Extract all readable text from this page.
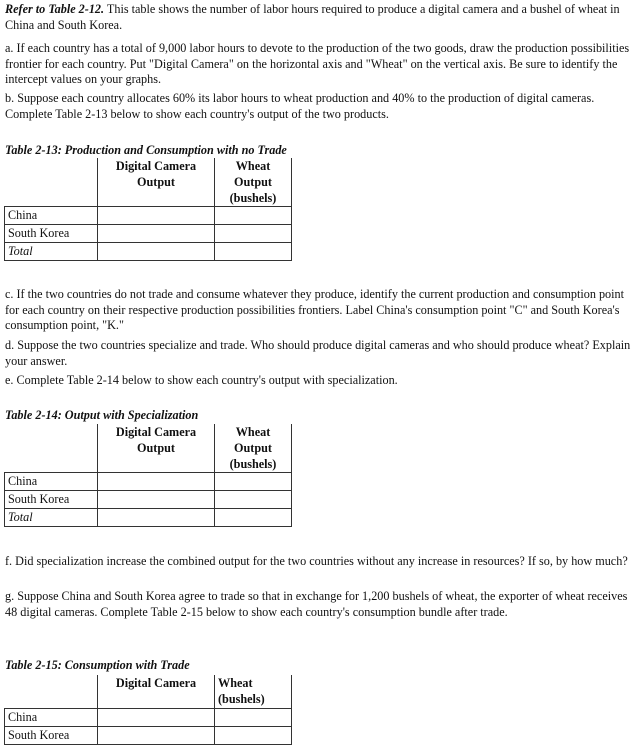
Refer to Table 2-12. This table shows the number of labor hours required to produce a digital camera and a bushel of wheat in China and South Korea.

a. If each country has a total of 9,000 labor hours to devote to the production of the two goods, draw the production possibilities frontier for each country. Put "Digital Camera" on the horizontal axis and "Wheat" on the vertical axis. Be sure to identify the intercept values on your graphs.

b. Suppose each country allocates 60% its labor hours to wheat production and 40% to the production of digital cameras. Complete Table 2-13 below to show each country's output of the two products.

Table 2-13: Production and Consumption with no Trade
	Digital Camera Output	Wheat Output (bushels)
China		
South Korea		
Total		

c. If the two countries do not trade and consume whatever they produce, identify the current production and consumption point for each country on their respective production possibilities frontiers. Label China's consumption point "C" and South Korea's consumption point, "K."

d. Suppose the two countries specialize and trade. Who should produce digital cameras and who should produce wheat? Explain your answer.

e. Complete Table 2-14 below to show each country's output with specialization.

Table 2-14: Output with Specialization
	Digital Camera Output	Wheat Output (bushels)
China		
South Korea		
Total		

f. Did specialization increase the combined output for the two countries without any increase in resources? If so, by how much?

g. Suppose China and South Korea agree to trade so that in exchange for 1,200 bushels of wheat, the exporter of wheat receives 48 digital cameras. Complete Table 2-15 below to show each country's consumption bundle after trade.

Table 2-15: Consumption with Trade
	Digital Camera	Wheat (bushels)
China		
South Korea		
